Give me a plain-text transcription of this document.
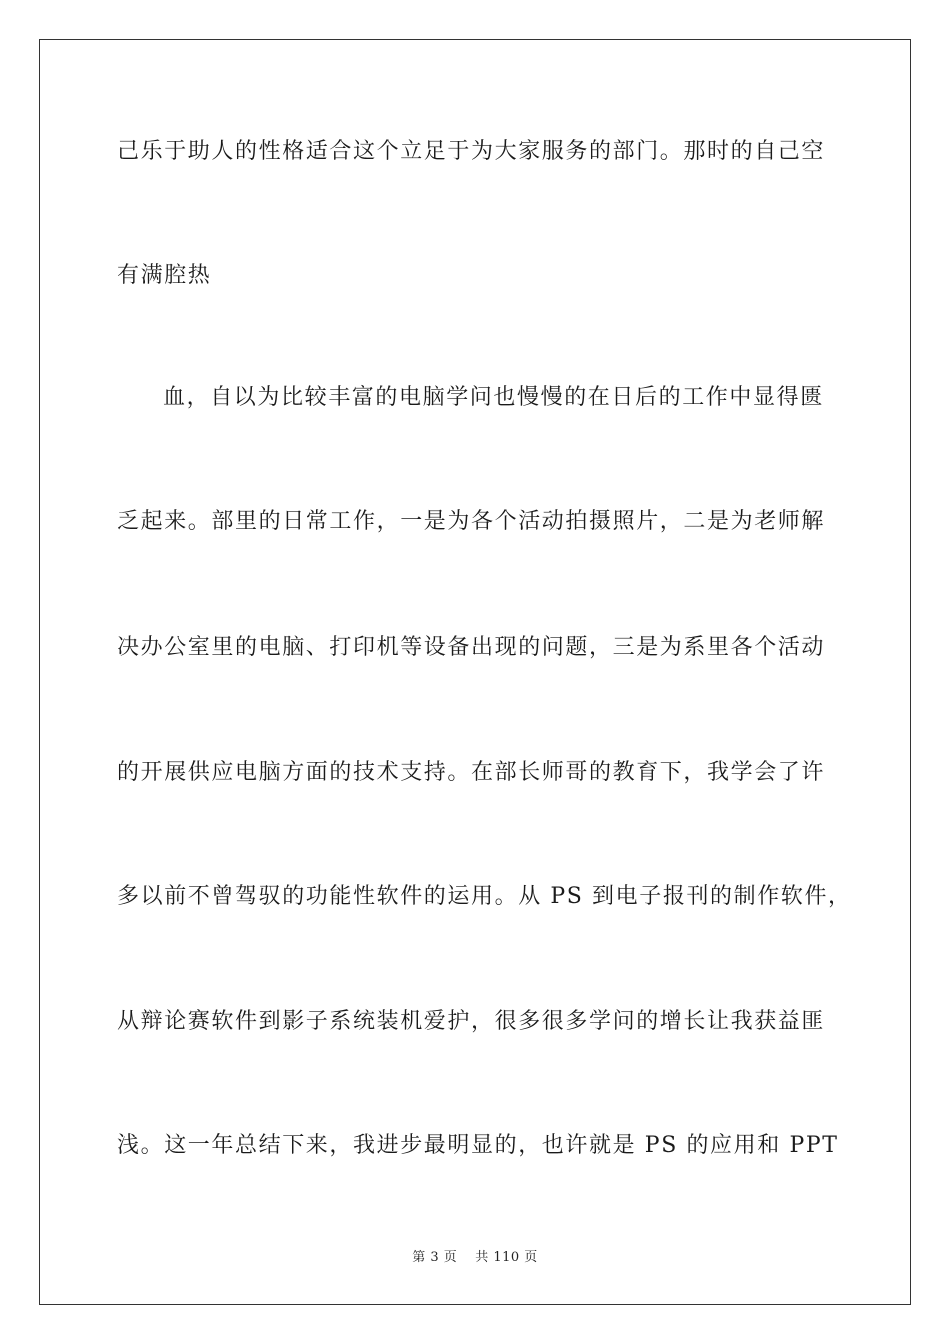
己乐于助人的性格适合这个立足于为大家服务的部门。那时的自己空
有满腔热
血，自以为比较丰富的电脑学问也慢慢的在日后的工作中显得匮
乏起来。部里的日常工作，一是为各个活动拍摄照片，二是为老师解
决办公室里的电脑、打印机等设备出现的问题，三是为系里各个活动
的开展供应电脑方面的技术支持。在部长师哥的教育下，我学会了许
多以前不曾驾驭的功能性软件的运用。从 PS 到电子报刊的制作软件，
从辩论赛软件到影子系统装机爱护，很多很多学问的增长让我获益匪
浅。这一年总结下来，我进步最明显的，也许就是 PS 的应用和 PPT
第 3 页 共 110 页
